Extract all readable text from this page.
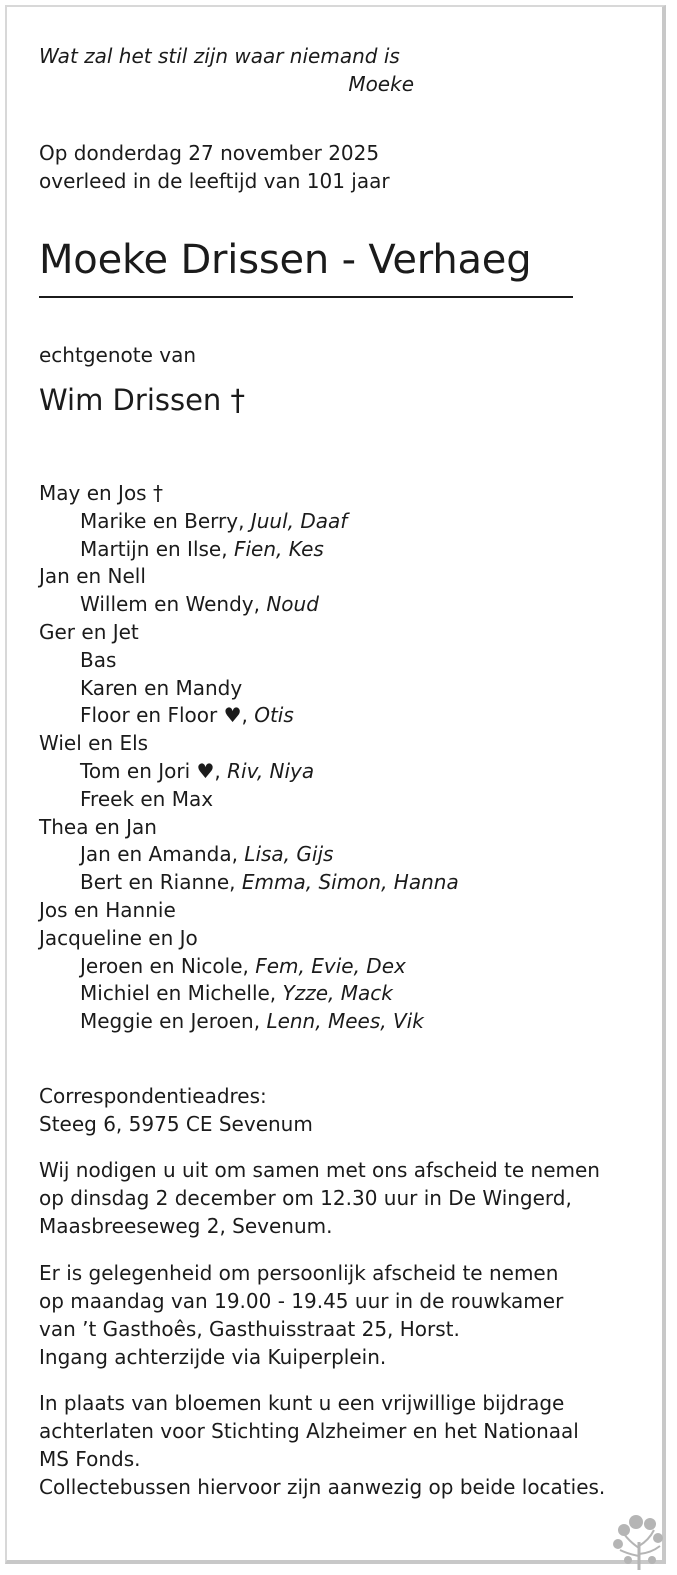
Wat zal het stil zijn waar niemand is
Moeke
Op donderdag 27 november 2025
overleed in de leeftijd van 101 jaar
Moeke Drissen - Verhaeg
echtgenote van
Wim Drissen †
May en Jos †
Marike en Berry, Juul, Daaf
Martijn en Ilse, Fien, Kes
Jan en Nell
Willem en Wendy, Noud
Ger en Jet
Bas
Karen en Mandy
Floor en Floor ♥, Otis
Wiel en Els
Tom en Jori ♥, Riv, Niya
Freek en Max
Thea en Jan
Jan en Amanda, Lisa, Gijs
Bert en Rianne, Emma, Simon, Hanna
Jos en Hannie
Jacqueline en Jo
Jeroen en Nicole, Fem, Evie, Dex
Michiel en Michelle, Yzze, Mack
Meggie en Jeroen, Lenn, Mees, Vik
Correspondentieadres:
Steeg 6, 5975 CE Sevenum
Wij nodigen u uit om samen met ons afscheid te nemen
op dinsdag 2 december om 12.30 uur in De Wingerd,
Maasbreeseweg 2, Sevenum.
Er is gelegenheid om persoonlijk afscheid te nemen
op maandag van 19.00 - 19.45 uur in de rouwkamer
van ’t Gasthoês, Gasthuisstraat 25, Horst.
Ingang achterzijde via Kuiperplein.
In plaats van bloemen kunt u een vrijwillige bijdrage
achterlaten voor Stichting Alzheimer en het Nationaal
MS Fonds.
Collectebussen hiervoor zijn aanwezig op beide locaties.
